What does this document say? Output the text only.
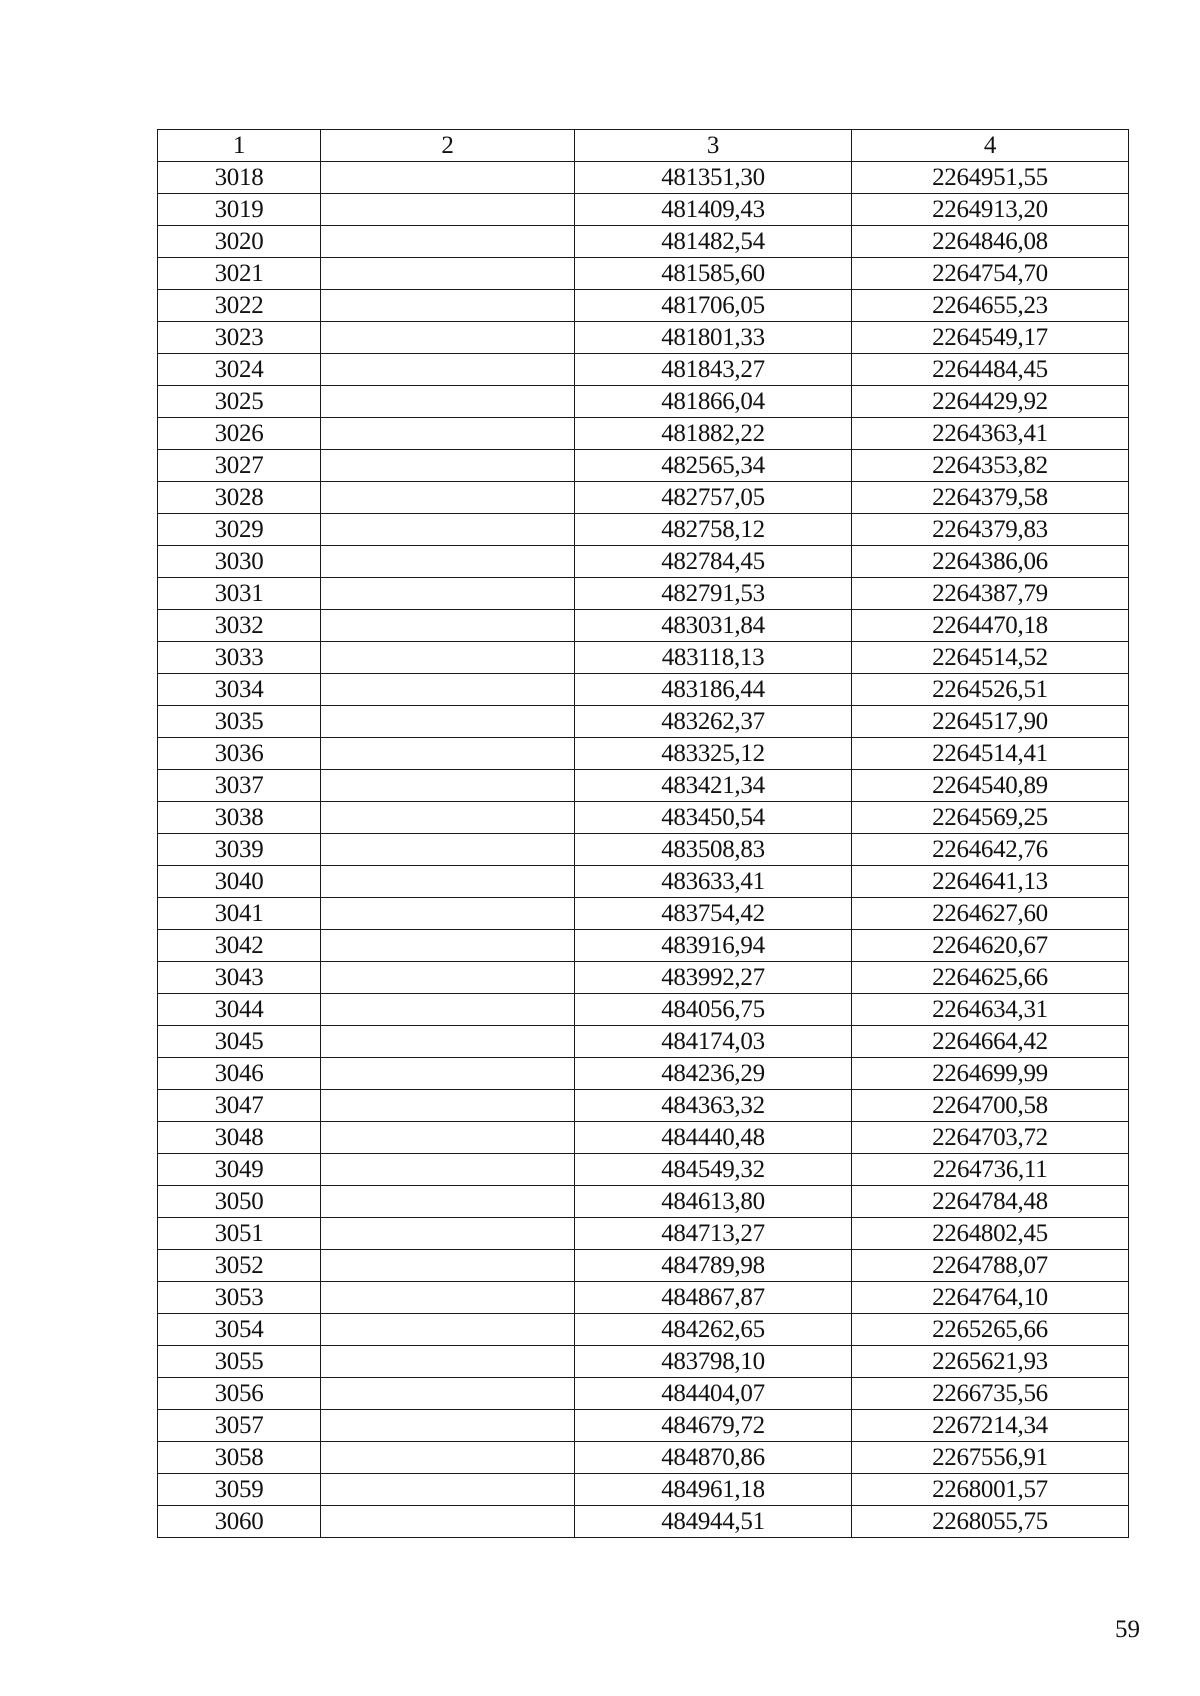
1	2	3	4
3018		481351,30	2264951,55
3019		481409,43	2264913,20
3020		481482,54	2264846,08
3021		481585,60	2264754,70
3022		481706,05	2264655,23
3023		481801,33	2264549,17
3024		481843,27	2264484,45
3025		481866,04	2264429,92
3026		481882,22	2264363,41
3027		482565,34	2264353,82
3028		482757,05	2264379,58
3029		482758,12	2264379,83
3030		482784,45	2264386,06
3031		482791,53	2264387,79
3032		483031,84	2264470,18
3033		483118,13	2264514,52
3034		483186,44	2264526,51
3035		483262,37	2264517,90
3036		483325,12	2264514,41
3037		483421,34	2264540,89
3038		483450,54	2264569,25
3039		483508,83	2264642,76
3040		483633,41	2264641,13
3041		483754,42	2264627,60
3042		483916,94	2264620,67
3043		483992,27	2264625,66
3044		484056,75	2264634,31
3045		484174,03	2264664,42
3046		484236,29	2264699,99
3047		484363,32	2264700,58
3048		484440,48	2264703,72
3049		484549,32	2264736,11
3050		484613,80	2264784,48
3051		484713,27	2264802,45
3052		484789,98	2264788,07
3053		484867,87	2264764,10
3054		484262,65	2265265,66
3055		483798,10	2265621,93
3056		484404,07	2266735,56
3057		484679,72	2267214,34
3058		484870,86	2267556,91
3059		484961,18	2268001,57
3060		484944,51	2268055,75
59
